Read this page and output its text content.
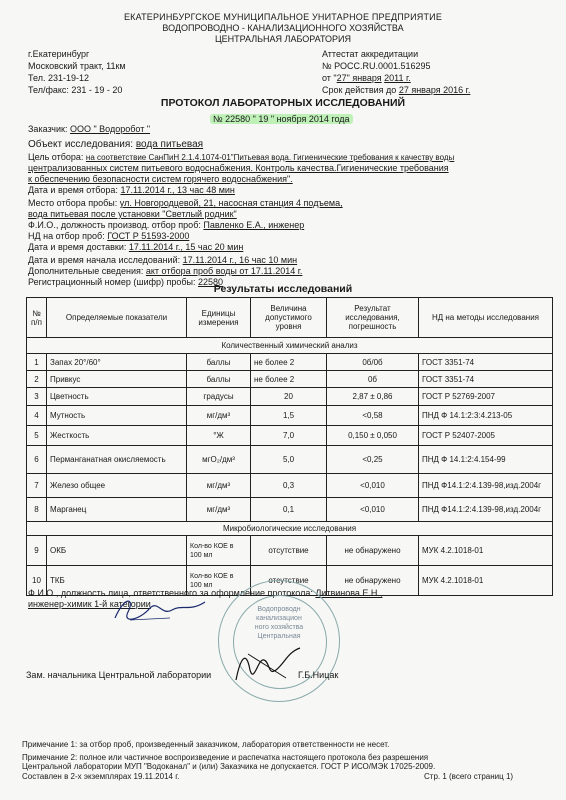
ЕКАТЕРИНБУРГСКОЕ МУНИЦИПАЛЬНОЕ УНИТАРНОЕ ПРЕДПРИЯТИЕ
ВОДОПРОВОДНО - КАНАЛИЗАЦИОННОГО ХОЗЯЙСТВА
ЦЕНТРАЛЬНАЯ ЛАБОРАТОРИЯ
г.Екатеринбург
Московский тракт, 11км
Тел. 231-19-12
Тел/факс: 231 - 19 - 20
Аттестат аккредитации
№ РОСС.RU.0001.516295
от "27" января 2011 г.
Срок действия до 27 января 2016 г.
ПРОТОКОЛ ЛАБОРАТОРНЫХ ИССЛЕДОВАНИЙ
№ 22580 " 19 " ноября 2014 года
Заказчик: ООО " Водоробот "
Объект исследования: вода питьевая
Цель отбора: на соответствие СанПиН 2.1.4.1074-01"Питьевая вода. Гигиенические требования к качеству воды
централизованных систем питьевого водоснабжения. Контроль качества.Гигиенические требования
к обеспечению безопасности систем горячего водоснабжения".
Дата и время отбора: 17.11.2014 г., 13 час 48 мин
Место отбора пробы: ул. Новгородцевой, 21, насосная станция 4 подъема,
вода питьевая после установки "Светлый родник"
Ф.И.О., должность производ. отбор проб: Павленко Е.А., инженер
НД на отбор проб: ГОСТ Р 51593-2000
Дата и время доставки: 17.11.2014 г., 15 час 20 мин
Дата и время начала исследований: 17.11.2014 г., 16 час 10 мин
Дополнительные сведения: акт отбора проб воды от 17.11.2014 г.
Регистрационный номер (шифр) пробы: 22580
Результаты исследований
№ п/п	Определяемые показатели	Единицы измерения	Величина допустимого уровня	Результат исследования, погрешность	НД на методы исследования
Количественный химический анализ					
1	Запах 20°/60°	баллы	не более 2	0б/0б	ГОСТ 3351-74
2	Привкус	баллы	не более 2	0б	ГОСТ 3351-74
3	Цветность	градусы	20	2,87 ± 0,86	ГОСТ Р 52769-2007
4	Мутность	мг/дм³	1,5	<0,58	ПНД Ф 14.1:2:3:4.213-05
5	Жесткость	°Ж	7,0	0,150 ± 0,050	ГОСТ Р 52407-2005
6	Перманганатная окисляемость	мгО₂/дм³	5,0	<0,25	ПНД Ф 14.1:2:4.154-99
7	Железо общее	мг/дм³	0,3	<0,010	ПНД Ф14.1:2:4.139-98,изд.2004г
8	Марганец	мг/дм³	0,1	<0,010	ПНД Ф14.1:2:4.139-98,изд.2004г
Микробиологические исследования					
9	ОКБ	Кол-во КОЕ в 100 мл	отсутствие	не обнаружено	МУК 4.2.1018-01
10	ТКБ	Кол-во КОЕ в 100 мл	отсутствие	не обнаружено	МУК 4.2.1018-01
Ф.И.О., должность лица, ответственного за оформление протокола: Литвинова Е.Н.,
инженер-химик 1-й категории
Водопроводн
канализацион
ного хозяйства
Центральная
Зам. начальника Центральной лаборатории	Г.Б.Ницак
Примечание 1: за отбор проб, произведенный заказчиком, лаборатория ответственности не несет.
Примечание 2: полное или частичное воспроизведение и распечатка настоящего протокола без разрешения
Центральной лаборатории МУП "Водоканал" и (или) Заказчика не допускается. ГОСТ Р ИСО/МЭК 17025-2009.
Составлен в 2-х экземплярах 19.11.2014 г.	Стр. 1 (всего страниц 1)
